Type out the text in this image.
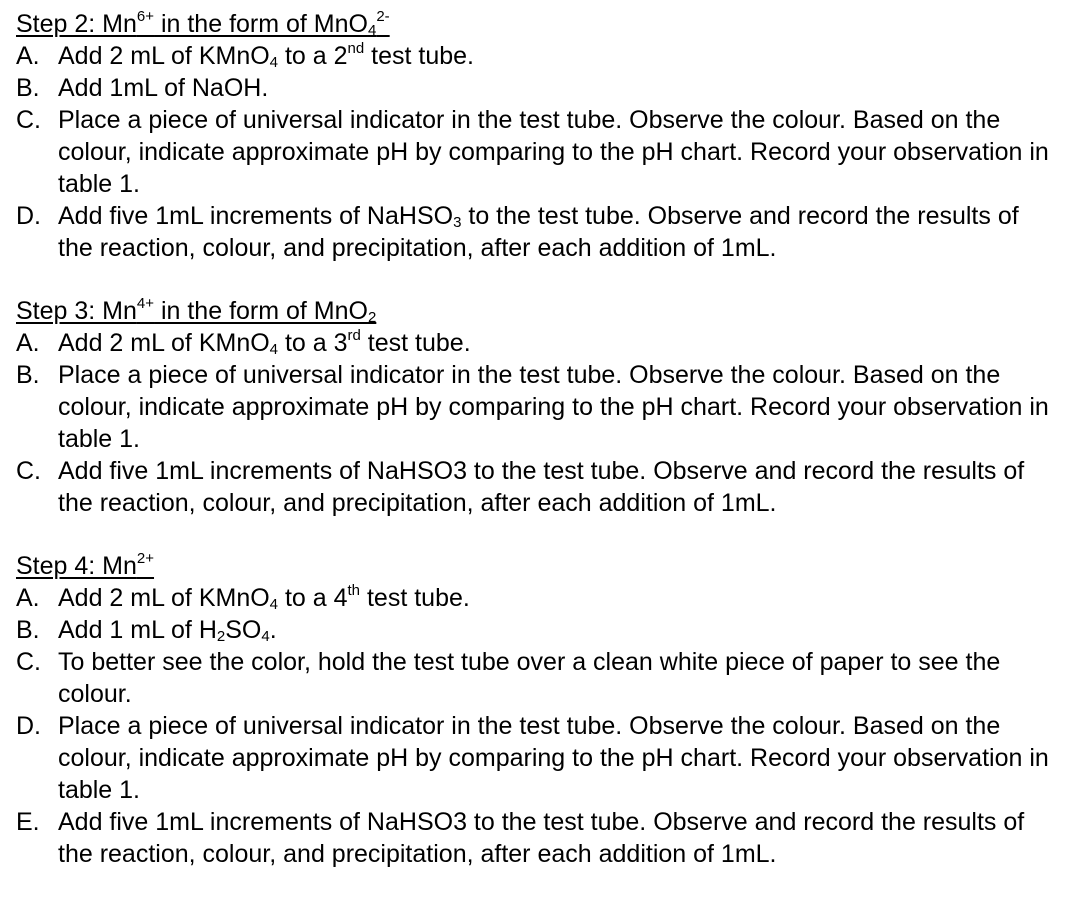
Step 2: $Mn^{6+}$ in the form of MnO$_4^{2-}$

A. Add 2 mL of KMnO$_4$ to a 2nd test tube.
B. Add 1mL of NaOH.
C. Place a piece of universal indicator in the test tube. Observe the colour. Based on the colour, indicate approximate pH by comparing to the pH chart. Record your observation in table 1.
D. Add five 1mL increments of NaHSO$_3$ to the test tube. Observe and record the results of the reaction, colour, and precipitation, after each addition of 1mL.

Step 3: $Mn^{4+}$ in the form of MnO$_2$

A. Add 2 mL of KMnO$_4$ to a 3rd test tube.
B. Place a piece of universal indicator in the test tube. Observe the colour. Based on the colour, indicate approximate pH by comparing to the pH chart. Record your observation in table 1.
C. Add five 1mL increments of NaHSO3 to the test tube. Observe and record the results of the reaction, colour, and precipitation, after each addition of 1mL.

Step 4: $Mn^{2+}$

A. Add 2 mL of KMnO$_4$ to a 4th test tube.
B. Add 1 mL of $H_2SO_4$.
C. To better see the color, hold the test tube over a clean white piece of paper to see the colour.
D. Place a piece of universal indicator in the test tube. Observe the colour. Based on the colour, indicate approximate pH by comparing to the pH chart. Record your observation in table 1.
E. Add five 1mL increments of NaHSO3 to the test tube. Observe and record the results of the reaction, colour, and precipitation, after each addition of 1mL.
